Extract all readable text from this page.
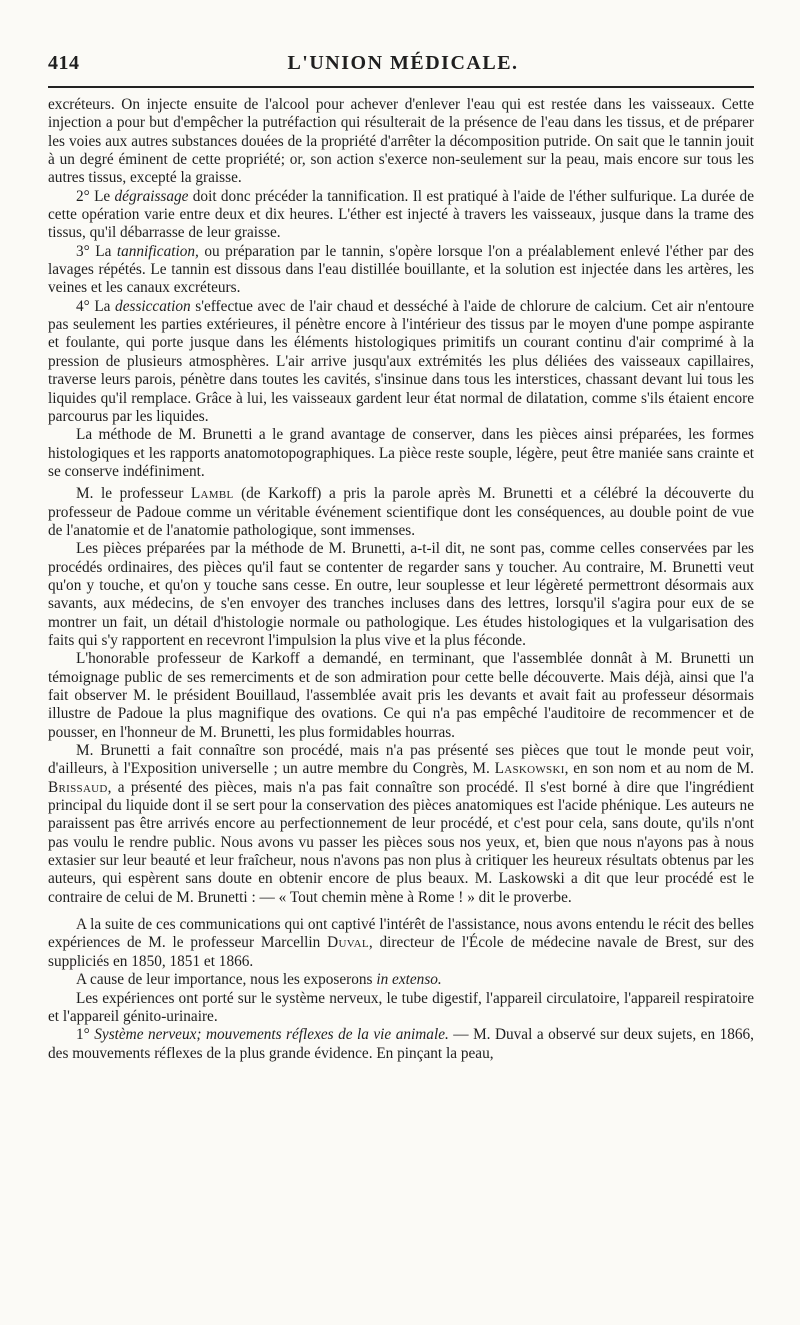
414	L'UNION MÉDICALE.

excréteurs. On injecte ensuite de l'alcool pour achever d'enlever l'eau qui est restée dans les vaisseaux. Cette injection a pour but d'empêcher la putréfaction qui résulterait de la présence de l'eau dans les tissus, et de préparer les voies aux autres substances douées de la propriété d'arrêter la décomposition putride. On sait que le tannin jouit à un degré éminent de cette propriété; or, son action s'exerce non-seulement sur la peau, mais encore sur tous les autres tissus, excepté la graisse.

2° Le dégraissage doit donc précéder la tannification. Il est pratiqué à l'aide de l'éther sulfurique. La durée de cette opération varie entre deux et dix heures. L'éther est injecté à travers les vaisseaux, jusque dans la trame des tissus, qu'il débarrasse de leur graisse.

3° La tannification, ou préparation par le tannin, s'opère lorsque l'on a préalablement enlevé l'éther par des lavages répétés. Le tannin est dissous dans l'eau distillée bouillante, et la solution est injectée dans les artères, les veines et les canaux excréteurs.

4° La dessiccation s'effectue avec de l'air chaud et desséché à l'aide de chlorure de calcium. Cet air n'entoure pas seulement les parties extérieures, il pénètre encore à l'intérieur des tissus par le moyen d'une pompe aspirante et foulante, qui porte jusque dans les éléments histologiques primitifs un courant continu d'air comprimé à la pression de plusieurs atmosphères. L'air arrive jusqu'aux extrémités les plus déliées des vaisseaux capillaires, traverse leurs parois, pénètre dans toutes les cavités, s'insinue dans tous les interstices, chassant devant lui tous les liquides qu'il remplace. Grâce à lui, les vaisseaux gardent leur état normal de dilatation, comme s'ils étaient encore parcourus par les liquides.

La méthode de M. Brunetti a le grand avantage de conserver, dans les pièces ainsi préparées, les formes histologiques et les rapports anatomotopographiques. La pièce reste souple, légère, peut être maniée sans crainte et se conserve indéfiniment.

M. le professeur Lambl (de Karkoff) a pris la parole après M. Brunetti et a célébré la découverte du professeur de Padoue comme un véritable événement scientifique dont les conséquences, au double point de vue de l'anatomie et de l'anatomie pathologique, sont immenses.

Les pièces préparées par la méthode de M. Brunetti, a-t-il dit, ne sont pas, comme celles conservées par les procédés ordinaires, des pièces qu'il faut se contenter de regarder sans y toucher. Au contraire, M. Brunetti veut qu'on y touche, et qu'on y touche sans cesse. En outre, leur souplesse et leur légèreté permettront désormais aux savants, aux médecins, de s'en envoyer des tranches incluses dans des lettres, lorsqu'il s'agira pour eux de se montrer un fait, un détail d'histologie normale ou pathologique. Les études histologiques et la vulgarisation des faits qui s'y rapportent en recevront l'impulsion la plus vive et la plus féconde.

L'honorable professeur de Karkoff a demandé, en terminant, que l'assemblée donnât à M. Brunetti un témoignage public de ses remerciments et de son admiration pour cette belle découverte. Mais déjà, ainsi que l'a fait observer M. le président Bouillaud, l'assemblée avait pris les devants et avait fait au professeur désormais illustre de Padoue la plus magnifique des ovations. Ce qui n'a pas empêché l'auditoire de recommencer et de pousser, en l'honneur de M. Brunetti, les plus formidables hourras.

M. Brunetti a fait connaître son procédé, mais n'a pas présenté ses pièces que tout le monde peut voir, d'ailleurs, à l'Exposition universelle ; un autre membre du Congrès, M. Laskowski, en son nom et au nom de M. Brissaud, a présenté des pièces, mais n'a pas fait connaître son procédé. Il s'est borné à dire que l'ingrédient principal du liquide dont il se sert pour la conservation des pièces anatomiques est l'acide phénique. Les auteurs ne paraissent pas être arrivés encore au perfectionnement de leur procédé, et c'est pour cela, sans doute, qu'ils n'ont pas voulu le rendre public. Nous avons vu passer les pièces sous nos yeux, et, bien que nous n'ayons pas à nous extasier sur leur beauté et leur fraîcheur, nous n'avons pas non plus à critiquer les heureux résultats obtenus par les auteurs, qui espèrent sans doute en obtenir encore de plus beaux. M. Laskowski a dit que leur procédé est le contraire de celui de M. Brunetti : — « Tout chemin mène à Rome ! » dit le proverbe.

A la suite de ces communications qui ont captivé l'intérêt de l'assistance, nous avons entendu le récit des belles expériences de M. le professeur Marcellin Duval, directeur de l'École de médecine navale de Brest, sur des suppliciés en 1850, 1851 et 1866.

A cause de leur importance, nous les exposerons in extenso.

Les expériences ont porté sur le système nerveux, le tube digestif, l'appareil circulatoire, l'appareil respiratoire et l'appareil génito-urinaire.

1° Système nerveux; mouvements réflexes de la vie animale. — M. Duval a observé sur deux sujets, en 1866, des mouvements réflexes de la plus grande évidence. En pinçant la peau,
